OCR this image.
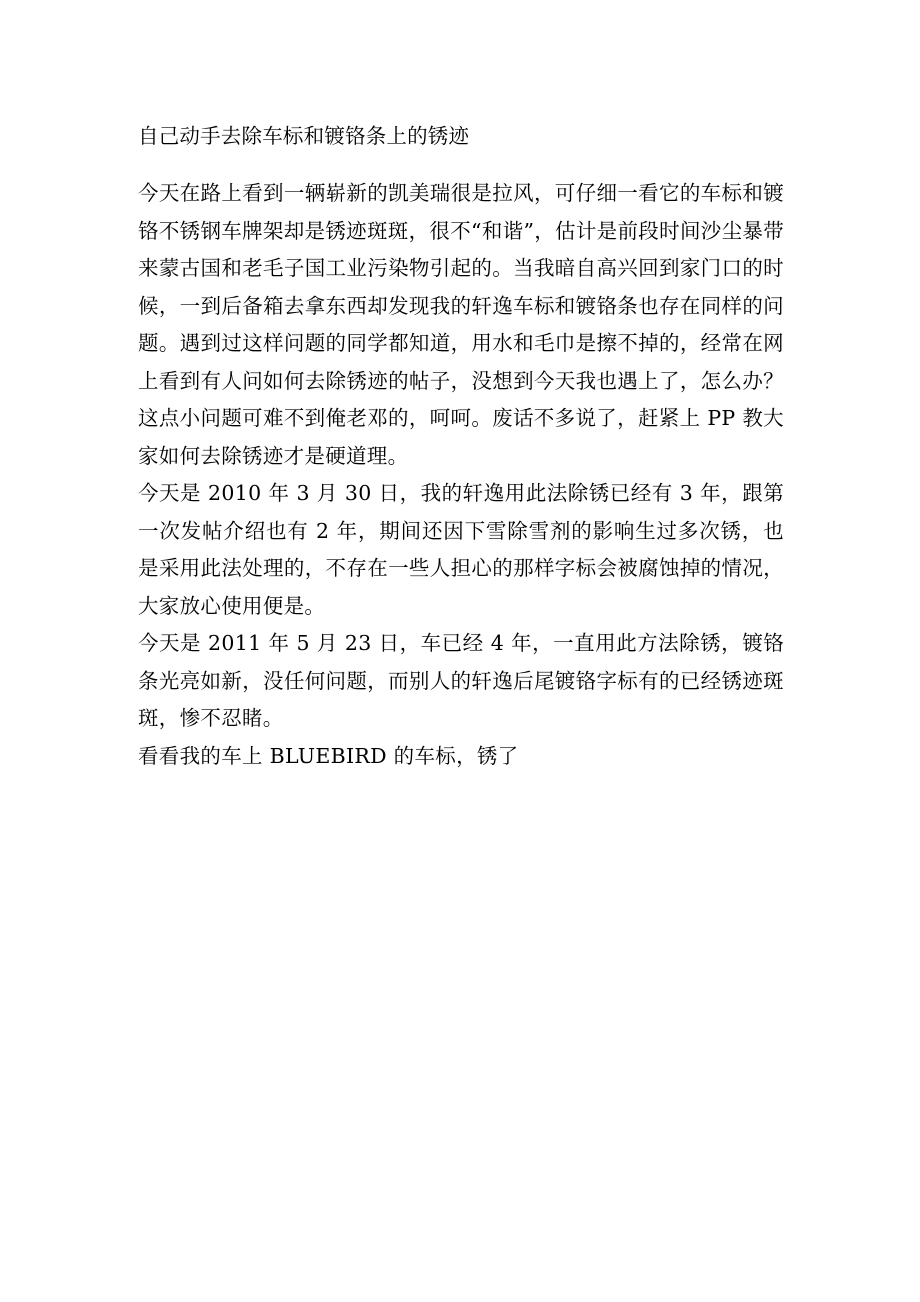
自己动手去除车标和镀铬条上的锈迹

今天在路上看到一辆崭新的凯美瑞很是拉风，可仔细一看它的车标和镀铬不锈钢车牌架却是锈迹斑斑，很不“和谐”，估计是前段时间沙尘暴带来蒙古国和老毛子国工业污染物引起的。当我暗自高兴回到家门口的时候，一到后备箱去拿东西却发现我的轩逸车标和镀铬条也存在同样的问题。遇到过这样问题的同学都知道，用水和毛巾是擦不掉的，经常在网上看到有人问如何去除锈迹的帖子，没想到今天我也遇上了，怎么办？这点小问题可难不到俺老邓的，呵呵。废话不多说了，赶紧上 PP 教大家如何去除锈迹才是硬道理。

今天是 2010 年 3 月 30 日，我的轩逸用此法除锈已经有 3 年，跟第一次发帖介绍也有 2 年，期间还因下雪除雪剂的影响生过多次锈，也是采用此法处理的，不存在一些人担心的那样字标会被腐蚀掉的情况，大家放心使用便是。

今天是 2011 年 5 月 23 日，车已经 4 年，一直用此方法除锈，镀铬条光亮如新，没任何问题，而别人的轩逸后尾镀铬字标有的已经锈迹斑斑，惨不忍睹。

看看我的车上 BLUEBIRD 的车标，锈了
